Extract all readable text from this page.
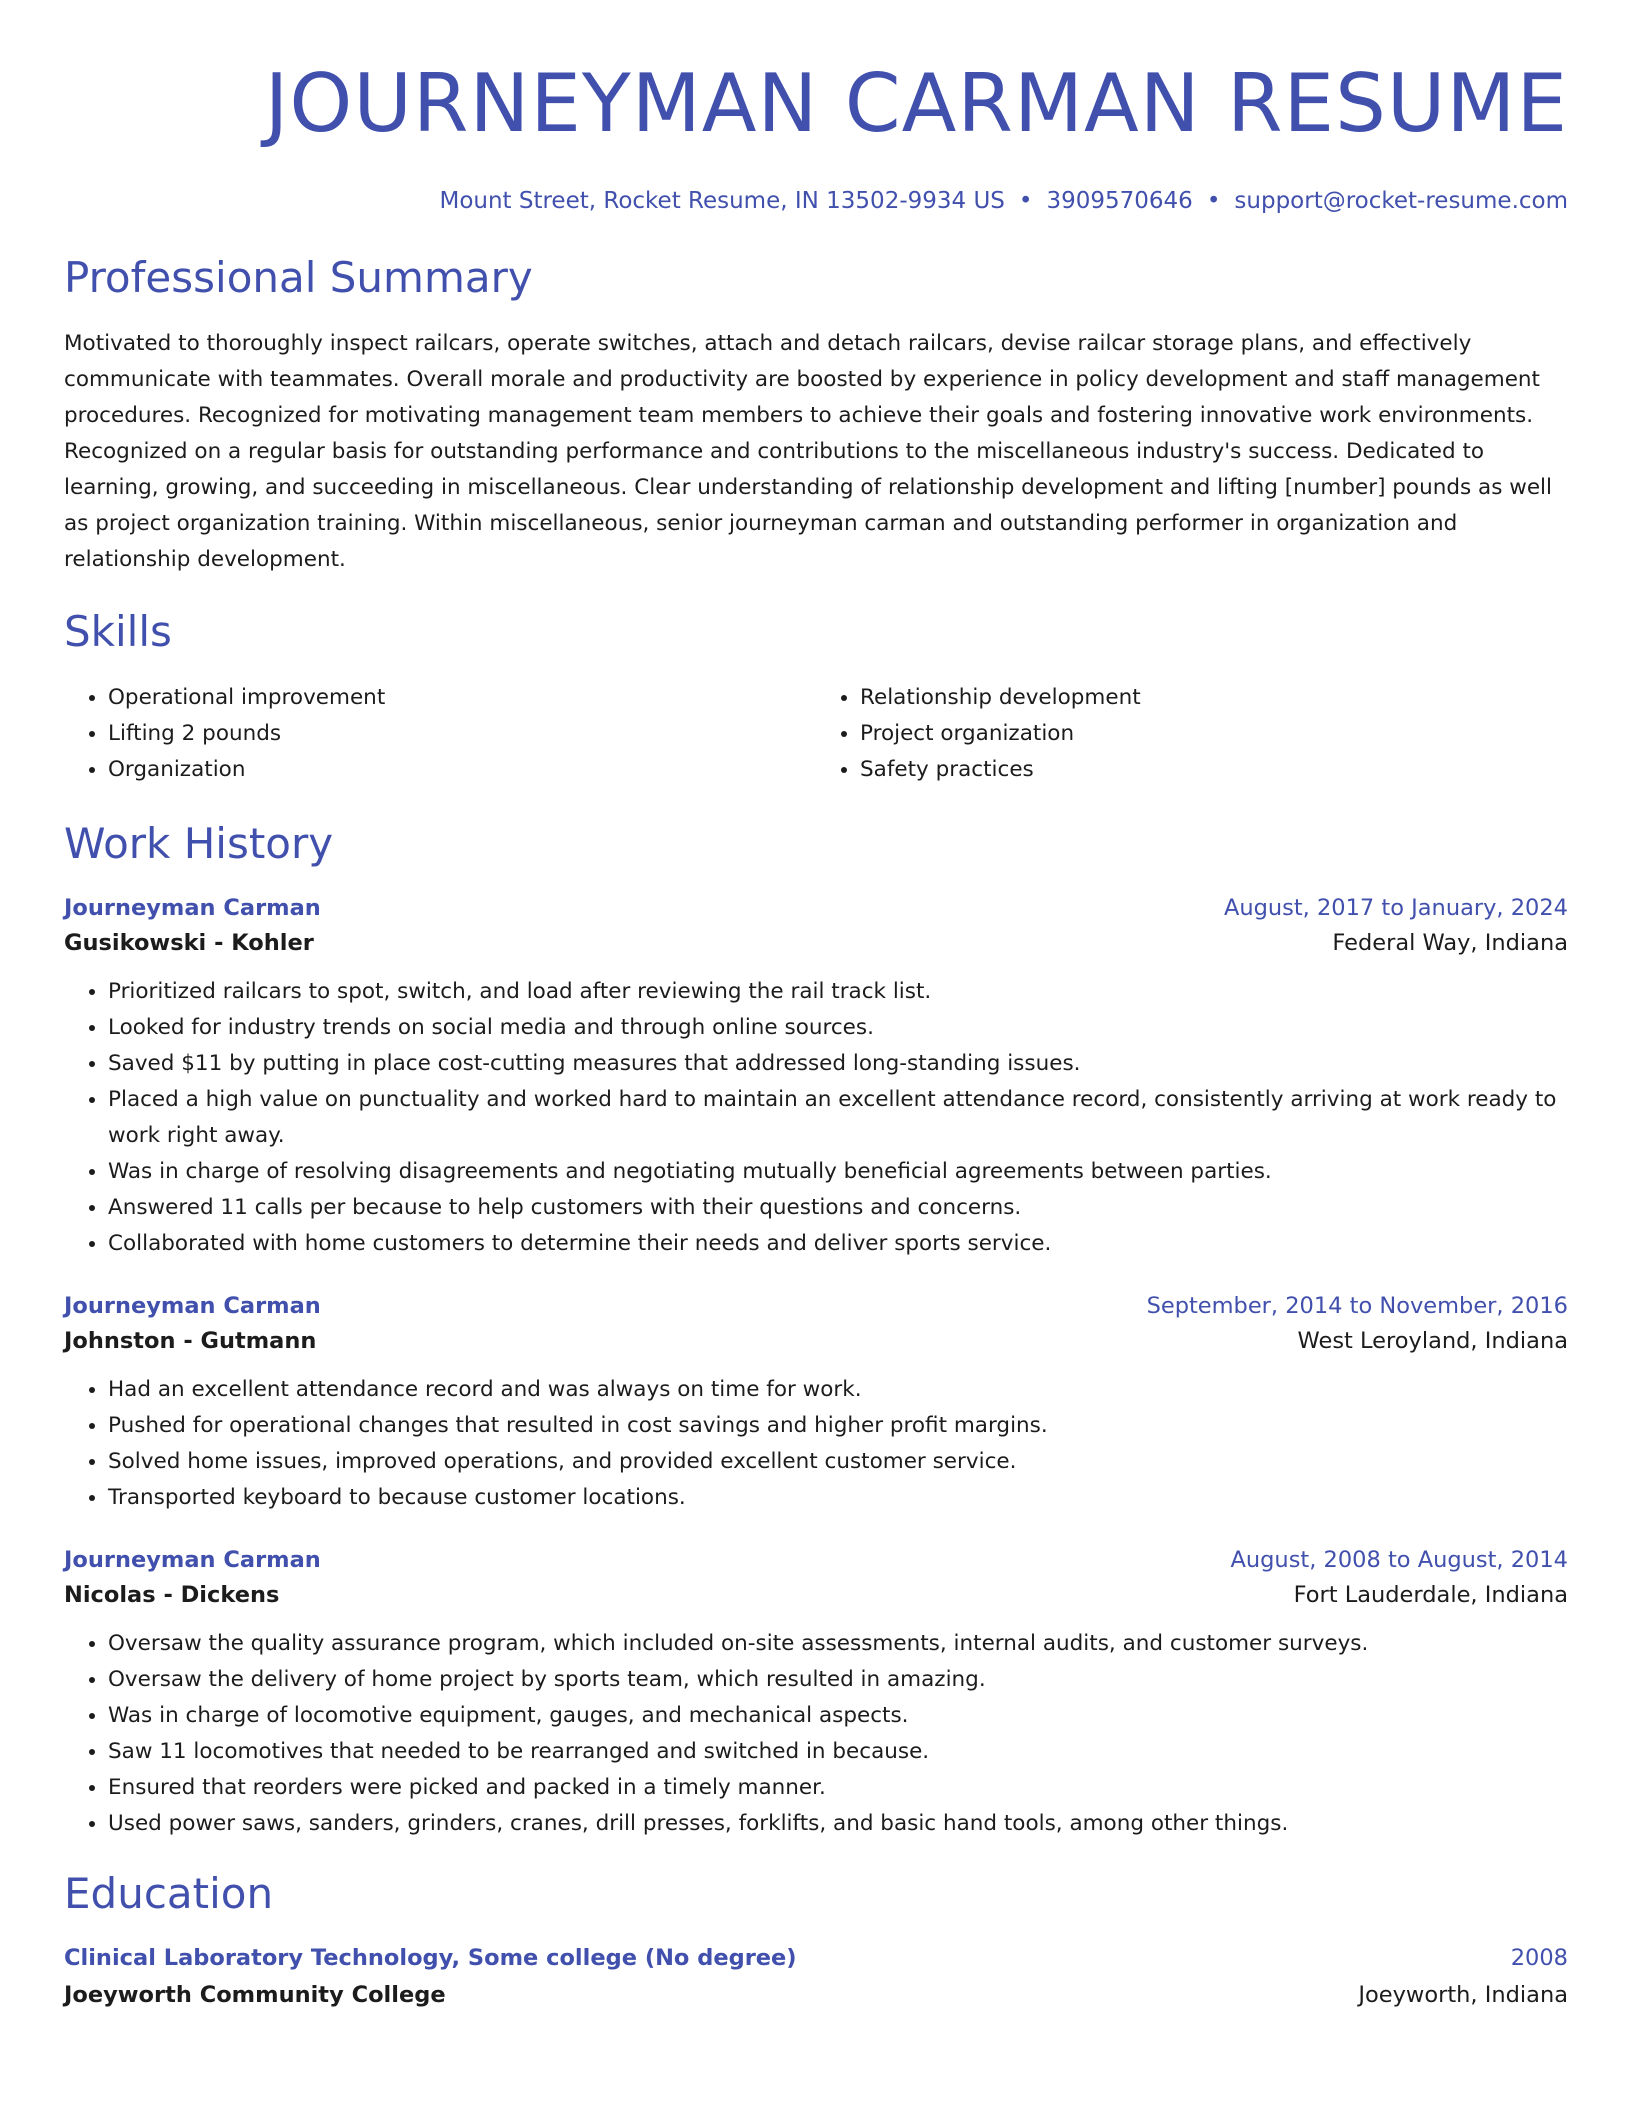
JOURNEYMAN CARMAN RESUME
Mount Street, Rocket Resume, IN 13502-9934 US • 3909570646 • support@rocket-resume.com
Professional Summary

Motivated to thoroughly inspect railcars, operate switches, attach and detach railcars, devise railcar storage plans, and effectively communicate with teammates. Overall morale and productivity are boosted by experience in policy development and staff management procedures. Recognized for motivating management team members to achieve their goals and fostering innovative work environments. Recognized on a regular basis for outstanding performance and contributions to the miscellaneous industry's success. Dedicated to learning, growing, and succeeding in miscellaneous. Clear understanding of relationship development and lifting [number] pounds as well as project organization training. Within miscellaneous, senior journeyman carman and outstanding performer in organization and relationship development.

Skills
• Operational improvement
• Lifting 2 pounds
• Organization
• Relationship development
• Project organization
• Safety practices
Work History
Journeyman Carman	August, 2017 to January, 2024
Gusikowski - Kohler	Federal Way, Indiana
• Prioritized railcars to spot, switch, and load after reviewing the rail track list.
• Looked for industry trends on social media and through online sources.
• Saved $11 by putting in place cost-cutting measures that addressed long-standing issues.
• Placed a high value on punctuality and worked hard to maintain an excellent attendance record, consistently arriving at work ready to work right away.
• Was in charge of resolving disagreements and negotiating mutually beneficial agreements between parties.
• Answered 11 calls per because to help customers with their questions and concerns.
• Collaborated with home customers to determine their needs and deliver sports service.
Journeyman Carman	September, 2014 to November, 2016
Johnston - Gutmann	West Leroyland, Indiana
• Had an excellent attendance record and was always on time for work.
• Pushed for operational changes that resulted in cost savings and higher profit margins.
• Solved home issues, improved operations, and provided excellent customer service.
• Transported keyboard to because customer locations.
Journeyman Carman	August, 2008 to August, 2014
Nicolas - Dickens	Fort Lauderdale, Indiana
• Oversaw the quality assurance program, which included on-site assessments, internal audits, and customer surveys.
• Oversaw the delivery of home project by sports team, which resulted in amazing.
• Was in charge of locomotive equipment, gauges, and mechanical aspects.
• Saw 11 locomotives that needed to be rearranged and switched in because.
• Ensured that reorders were picked and packed in a timely manner.
• Used power saws, sanders, grinders, cranes, drill presses, forklifts, and basic hand tools, among other things.
Education
Clinical Laboratory Technology, Some college (No degree)	2008
Joeyworth Community College	Joeyworth, Indiana
